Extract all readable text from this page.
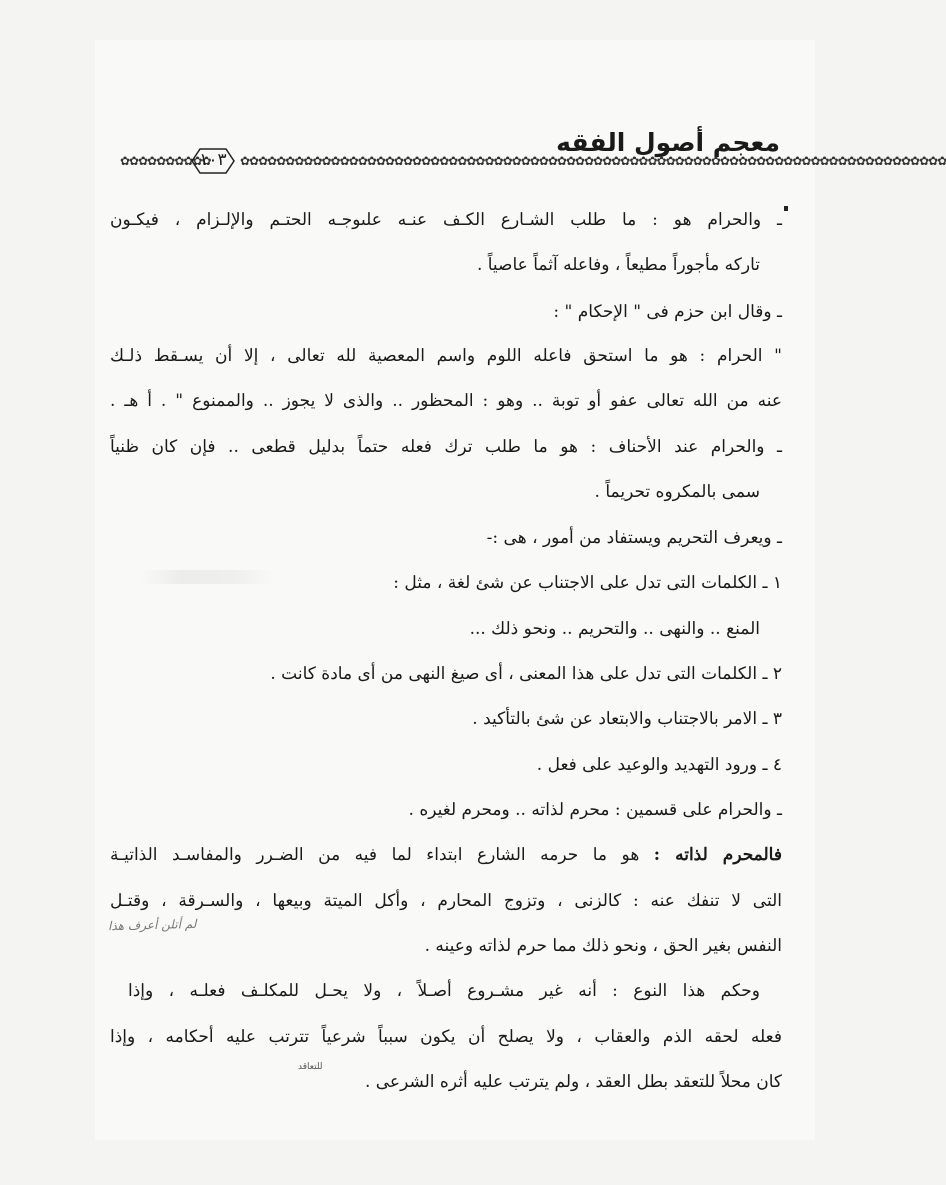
معجم أصول الفقه
✿✿✿✿✿✿✿✿✿✿
١٠٣	✿✿✿✿✿✿✿✿✿✿✿✿✿✿✿✿✿✿✿✿✿✿✿✿✿✿✿✿✿✿✿✿✿✿✿✿✿✿✿✿✿✿✿✿✿✿✿✿✿✿✿✿✿✿✿✿✿✿✿✿✿✿✿✿✿✿✿✿✿✿✿✿✿✿✿✿✿✿
ـ والحرام هو : ما طلب الشـارع الكـف عنـه علىوجـه الحتـم والإلـزام ، فيكـون
تاركه مأجوراً مطيعاً ، وفاعله آثماً عاصياً .
ـ وقال ابن حزم فى " الإحكام " :
" الحرام : هو ما استحق فاعله اللوم واسم المعصية لله تعالى ، إلا أن يسـقط ذلـك
عنه من الله تعالى عفو أو توبة .. وهو : المحظور .. والذى لا يجوز .. والممنوع " . أ هـ .
ـ والحرام عند الأحناف : هو ما طلب ترك فعله حتماً بدليل قطعى .. فإن كان ظنياً
سمى بالمكروه تحريماً .
ـ ويعرف التحريم ويستفاد من أمور ، هى :-
١ ـ الكلمات التى تدل على الاجتناب عن شئ لغة ، مثل :
المنع .. والنهى .. والتحريم .. ونحو ذلك ...
٢ ـ الكلمات التى تدل على هذا المعنى ، أى صيغ النهى من أى مادة كانت .
٣ ـ الامر بالاجتناب والابتعاد عن شئ بالتأكيد .
٤ ـ ورود التهديد والوعيد على فعل .
ـ والحرام على قسمين : محرم لذاته .. ومحرم لغيره .
فالمحرم لذاته : هو ما حرمه الشارع ابتداء لما فيه من الضـرر والمفاسـد الذاتيـة
التى لا تنفك عنه : كالزنى ، وتزوج المحارم ، وأكل الميتة وبيعها ، والسـرقة ، وقتـل
النفس بغير الحق ، ونحو ذلك مما حرم لذاته وعينه .
وحكم هذا النوع : أنه غير مشـروع أصـلاً ، ولا يحـل للمكلـف فعلـه ، وإذا
فعله لحقه الذم والعقاب ، ولا يصلح أن يكون سبباً شرعياً تترتب عليه أحكامه ، وإذا
كان محلاً للتعقد بطل العقد ، ولم يترتب عليه أثره الشرعى .
لم أتلن أعرف هذا
للتعاقد
